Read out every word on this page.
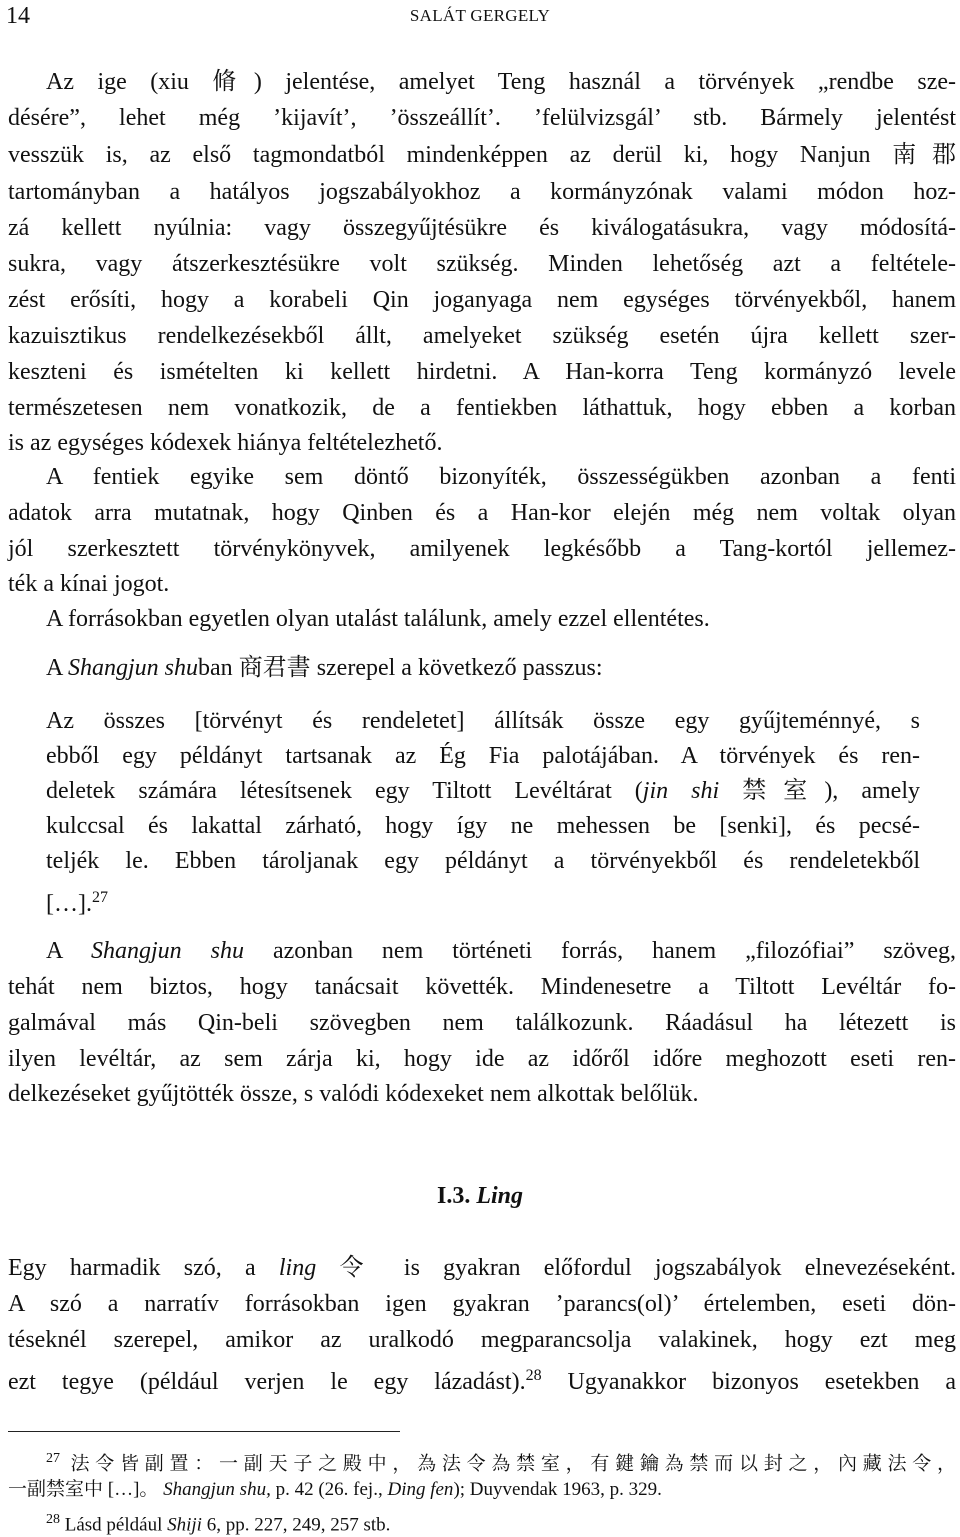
14	SALÁT GERGELY
Az ige (xiu 脩) jelentése, amelyet Teng használ a törvények „rendbe sze-
désére”, lehet még ’kijavít’, ’összeállít’. ’felülvizsgál’ stb. Bármely jelentést
vesszük is, az első tagmondatból mindenképpen az derül ki, hogy Nanjun 南郡
tartományban a hatályos jogszabályokhoz a kormányzónak valami módon hoz-
zá kellett nyúlnia: vagy összegyűjtésükre és kiválogatásukra, vagy módosítá-
sukra, vagy átszerkesztésükre volt szükség. Minden lehetőség azt a feltétele-
zést erősíti, hogy a korabeli Qin joganyaga nem egységes törvényekből, hanem
kazuisztikus rendelkezésekből állt, amelyeket szükség esetén újra kellett szer-
keszteni és ismételten ki kellett hirdetni. A Han-korra Teng kormányzó levele
természetesen nem vonatkozik, de a fentiekben láthattuk, hogy ebben a korban
is az egységes kódexek hiánya feltételezhető.
A fentiek egyike sem döntő bizonyíték, összességükben azonban a fenti
adatok arra mutatnak, hogy Qinben és a Han-kor elején még nem voltak olyan
jól szerkesztett törvénykönyvek, amilyenek legkésőbb a Tang-kortól jellemez-
ték a kínai jogot.
A forrásokban egyetlen olyan utalást találunk, amely ezzel ellentétes.
A Shangjun shuban 商君書 szerepel a következő passzus:
Az összes [törvényt és rendeletet] állítsák össze egy gyűjteménnyé, s
ebből egy példányt tartsanak az Ég Fia palotájában. A törvények és ren-
deletek számára létesítsenek egy Tiltott Levéltárat (jin shi 禁室), amely
kulccsal és lakattal zárható, hogy így ne mehessen be [senki], és pecsé-
teljék le. Ebben tároljanak egy példányt a törvényekből és rendeletekből
[…].$^{27}$
A Shangjun shu azonban nem történeti forrás, hanem „filozófiai” szöveg,
tehát nem biztos, hogy tanácsait követték. Mindenesetre a Tiltott Levéltár fo-
galmával más Qin-beli szövegben nem találkozunk. Ráadásul ha létezett is
ilyen levéltár, az sem zárja ki, hogy ide az időről időre meghozott eseti ren-
delkezéseket gyűjtötték össze, s valódi kódexeket nem alkottak belőlük.
I.3. Ling
Egy harmadik szó, a ling 令 is gyakran előfordul jogszabályok elnevezéseként.
A szó a narratív forrásokban igen gyakran ’parancs(ol)’ értelemben, eseti dön-
téseknél szerepel, amikor az uralkodó megparancsolja valakinek, hogy ezt meg
ezt tegye (például verjen le egy lázadást).$^{28}$ Ugyanakkor bizonyos esetekben a
$^{27}$ 法令皆副置：一副天子之殿中，為法令為禁室，有鍵鑰為禁而以封之，內藏法令，
一副禁室中 […]。 Shangjun shu, p. 42 (26. fej., Ding fen); Duyvendak 1963, p. 329.
$^{28}$ Lásd például Shiji 6, pp. 227, 249, 257 stb.
